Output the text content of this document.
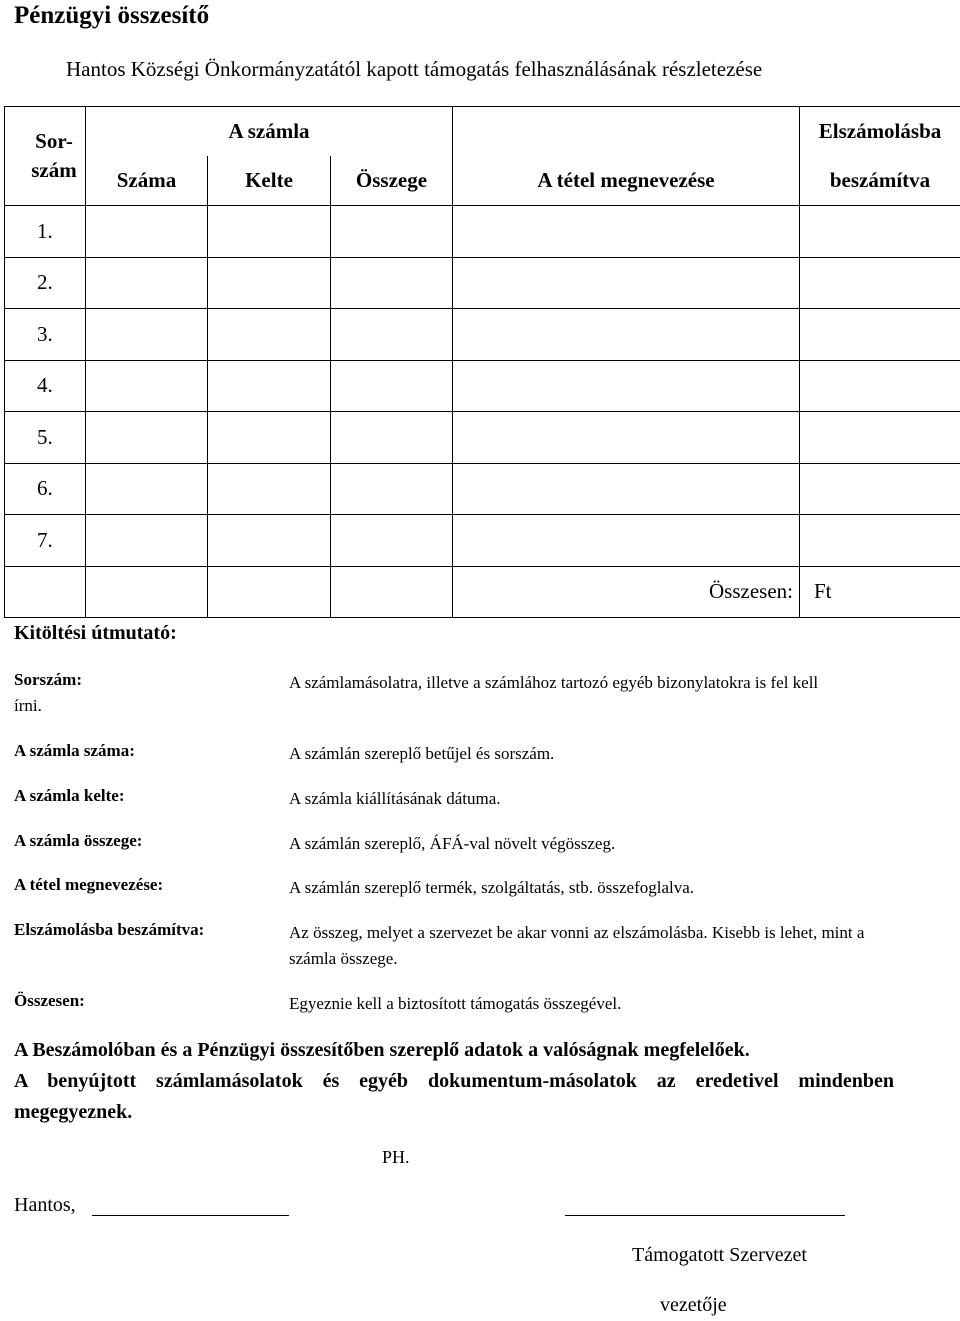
Pénzügyi összesítő
Hantos Községi Önkormányzatától kapott támogatás felhasználásának részletezése
Sor-
szám	A számla				Elszámolásba
	Száma	Kelte	Összege	A tétel megnevezése	beszámítva
1.					
2.					
3.					
4.					
5.					
6.					
7.					
				Összesen:	Ft
Kitöltési útmutató:
Sorszám:	A számlamásolatra, illetve a számlához tartozó egyéb bizonylatokra is fel kell
írni.
A számla száma:	A számlán szereplő betűjel és sorszám.
A számla kelte:	A számla kiállításának dátuma.
A számla összege:	A számlán szereplő, ÁFÁ-val növelt végösszeg.
A tétel megnevezése:	A számlán szereplő termék, szolgáltatás, stb. összefoglalva.
Elszámolásba beszámítva:	Az összeg, melyet a szervezet be akar vonni az elszámolásba. Kisebb is lehet, mint a számla összege.
Összesen:	Egyeznie kell a biztosított támogatás összegével.
A Beszámolóban és a Pénzügyi összesítőben szereplő adatok a valóságnak megfelelőek.
A benyújtott számlamásolatok és egyéb dokumentum-másolatok az eredetivel mindenben megegyeznek.
PH.
Hantos,
Támogatott Szervezet
vezetője
